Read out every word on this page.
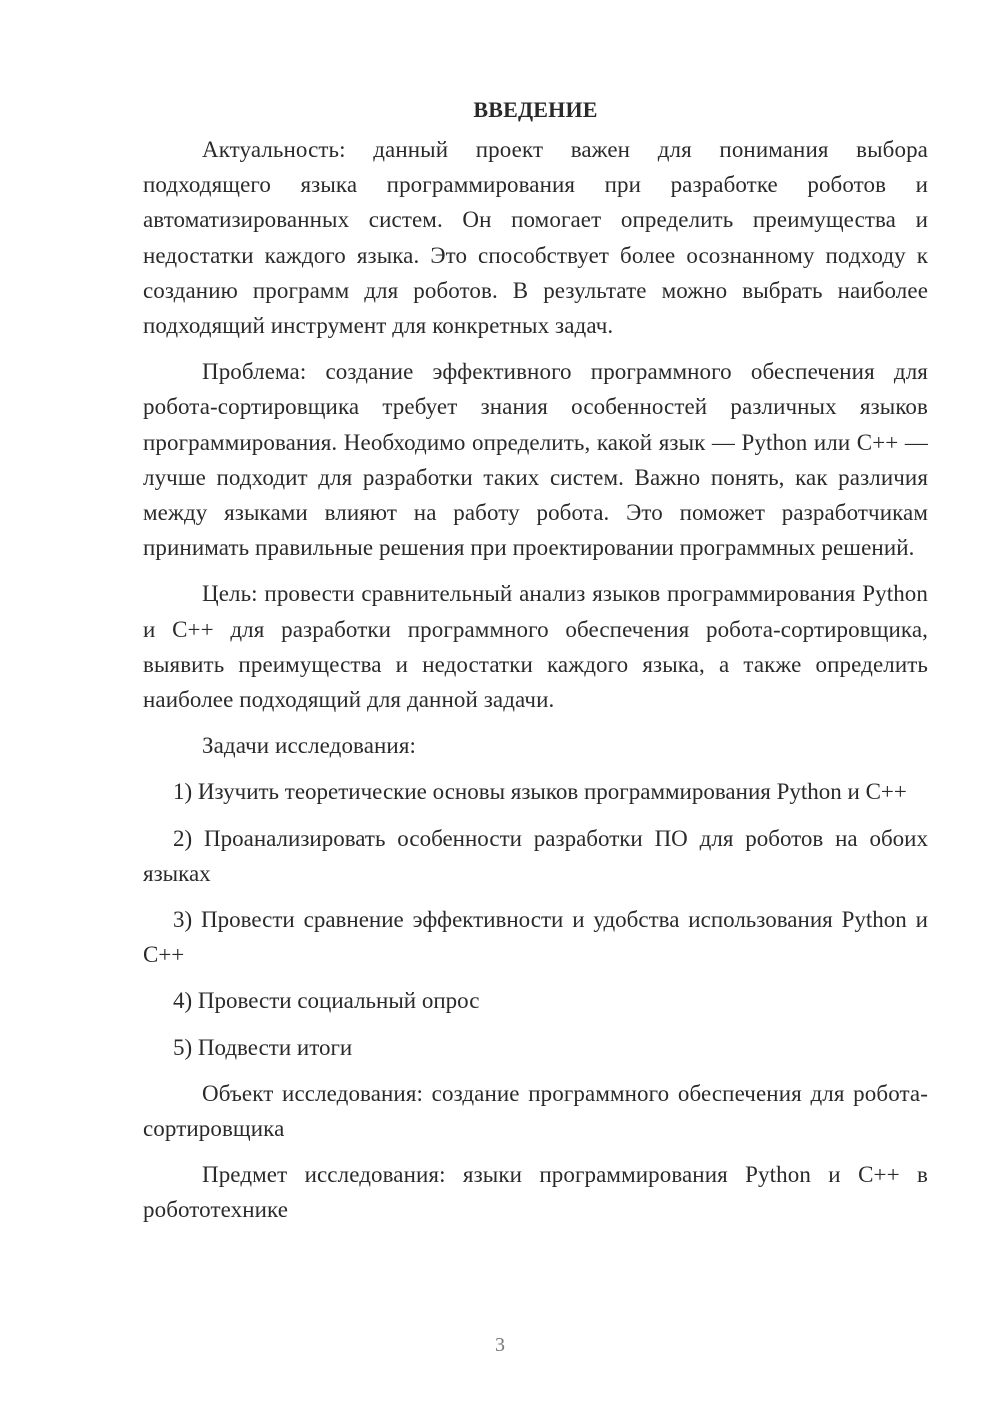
ВВЕДЕНИЕ

Актуальность: данный проект важен для понимания выбора подходящего языка программирования при разработке роботов и автоматизированных систем. Он помогает определить преимущества и недостатки каждого языка. Это способствует более осознанному подходу к созданию программ для роботов. В результате можно выбрать наиболее подходящий инструмент для конкретных задач.

Проблема: создание эффективного программного обеспечения для робота-сортировщика требует знания особенностей различных языков программирования. Необходимо определить, какой язык — Python или C++ — лучше подходит для разработки таких систем. Важно понять, как различия между языками влияют на работу робота. Это поможет разработчикам принимать правильные решения при проектировании программных решений.

Цель: провести сравнительный анализ языков программирования Python и C++ для разработки программного обеспечения робота-сортировщика, выявить преимущества и недостатки каждого языка, а также определить наиболее подходящий для данной задачи.

Задачи исследования:

1) Изучить теоретические основы языков программирования Python и C++

2) Проанализировать особенности разработки ПО для роботов на обоих языках

3) Провести сравнение эффективности и удобства использования Python и C++

4) Провести социальный опрос

5) Подвести итоги

Объект исследования: создание программного обеспечения для робота-сортировщика

Предмет исследования: языки программирования Python и C++ в робототехнике

3
